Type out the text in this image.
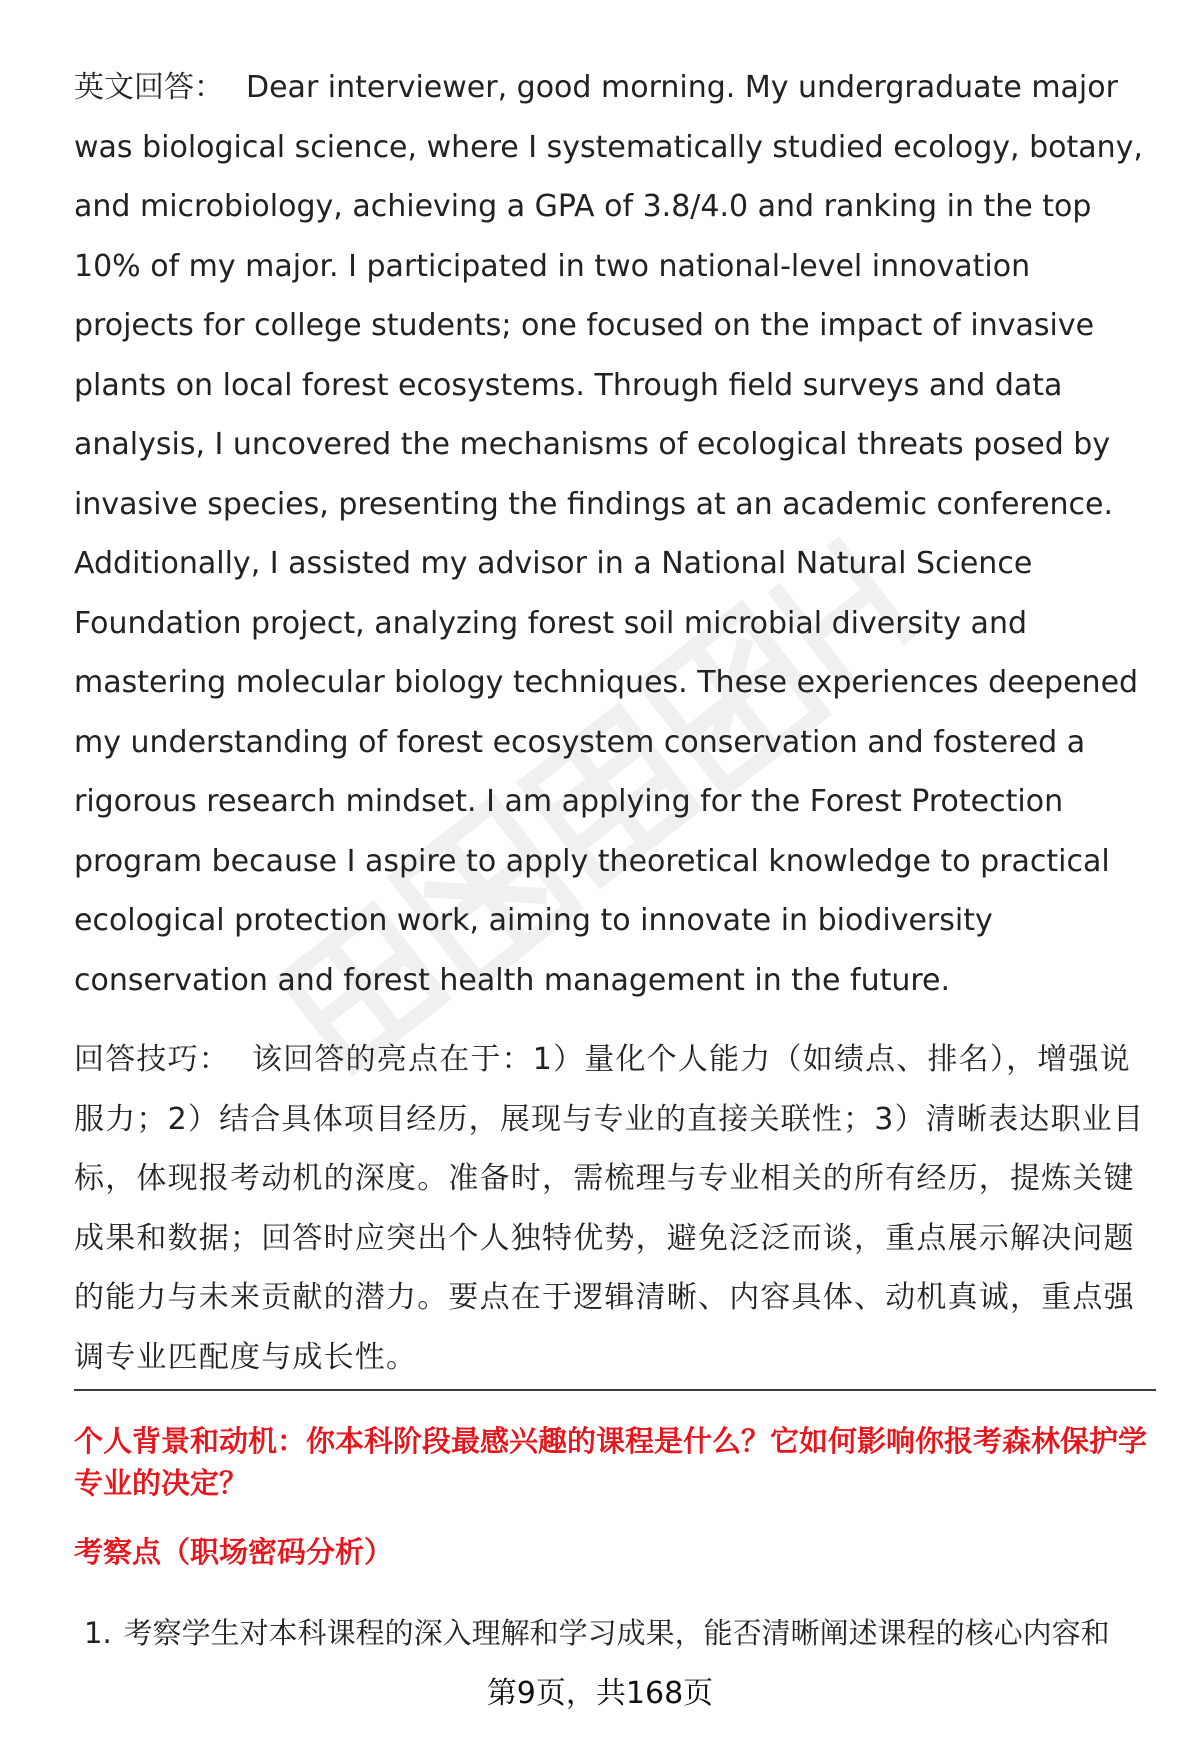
英文回答： Dear interviewer, good morning. My undergraduate major was biological science, where I systematically studied ecology, botany, and microbiology, achieving a GPA of 3.8/4.0 and ranking in the top 10% of my major. I participated in two national-level innovation projects for college students; one focused on the impact of invasive plants on local forest ecosystems. Through field surveys and data analysis, I uncovered the mechanisms of ecological threats posed by invasive species, presenting the findings at an academic conference. Additionally, I assisted my advisor in a National Natural Science Foundation project, analyzing forest soil microbial diversity and mastering molecular biology techniques. These experiences deepened my understanding of forest ecosystem conservation and fostered a rigorous research mindset. I am applying for the Forest Protection program because I aspire to apply theoretical knowledge to practical ecological protection work, aiming to innovate in biodiversity conservation and forest health management in the future.

回答技巧： 该回答的亮点在于：1）量化个人能力（如绩点、排名），增强说服力；2）结合具体项目经历，展现与专业的直接关联性；3）清晰表达职业目标，体现报考动机的深度。准备时，需梳理与专业相关的所有经历，提炼关键成果和数据；回答时应突出个人独特优势，避免泛泛而谈，重点展示解决问题的能力与未来贡献的潜力。要点在于逻辑清晰、内容具体、动机真诚，重点强调专业匹配度与成长性。

个人背景和动机：你本科阶段最感兴趣的课程是什么？它如何影响你报考森林保护学专业的决定？

考察点（职场密码分析）

1. 考察学生对本科课程的深入理解和学习成果，能否清晰阐述课程的核心内容和

第9页，共168页
